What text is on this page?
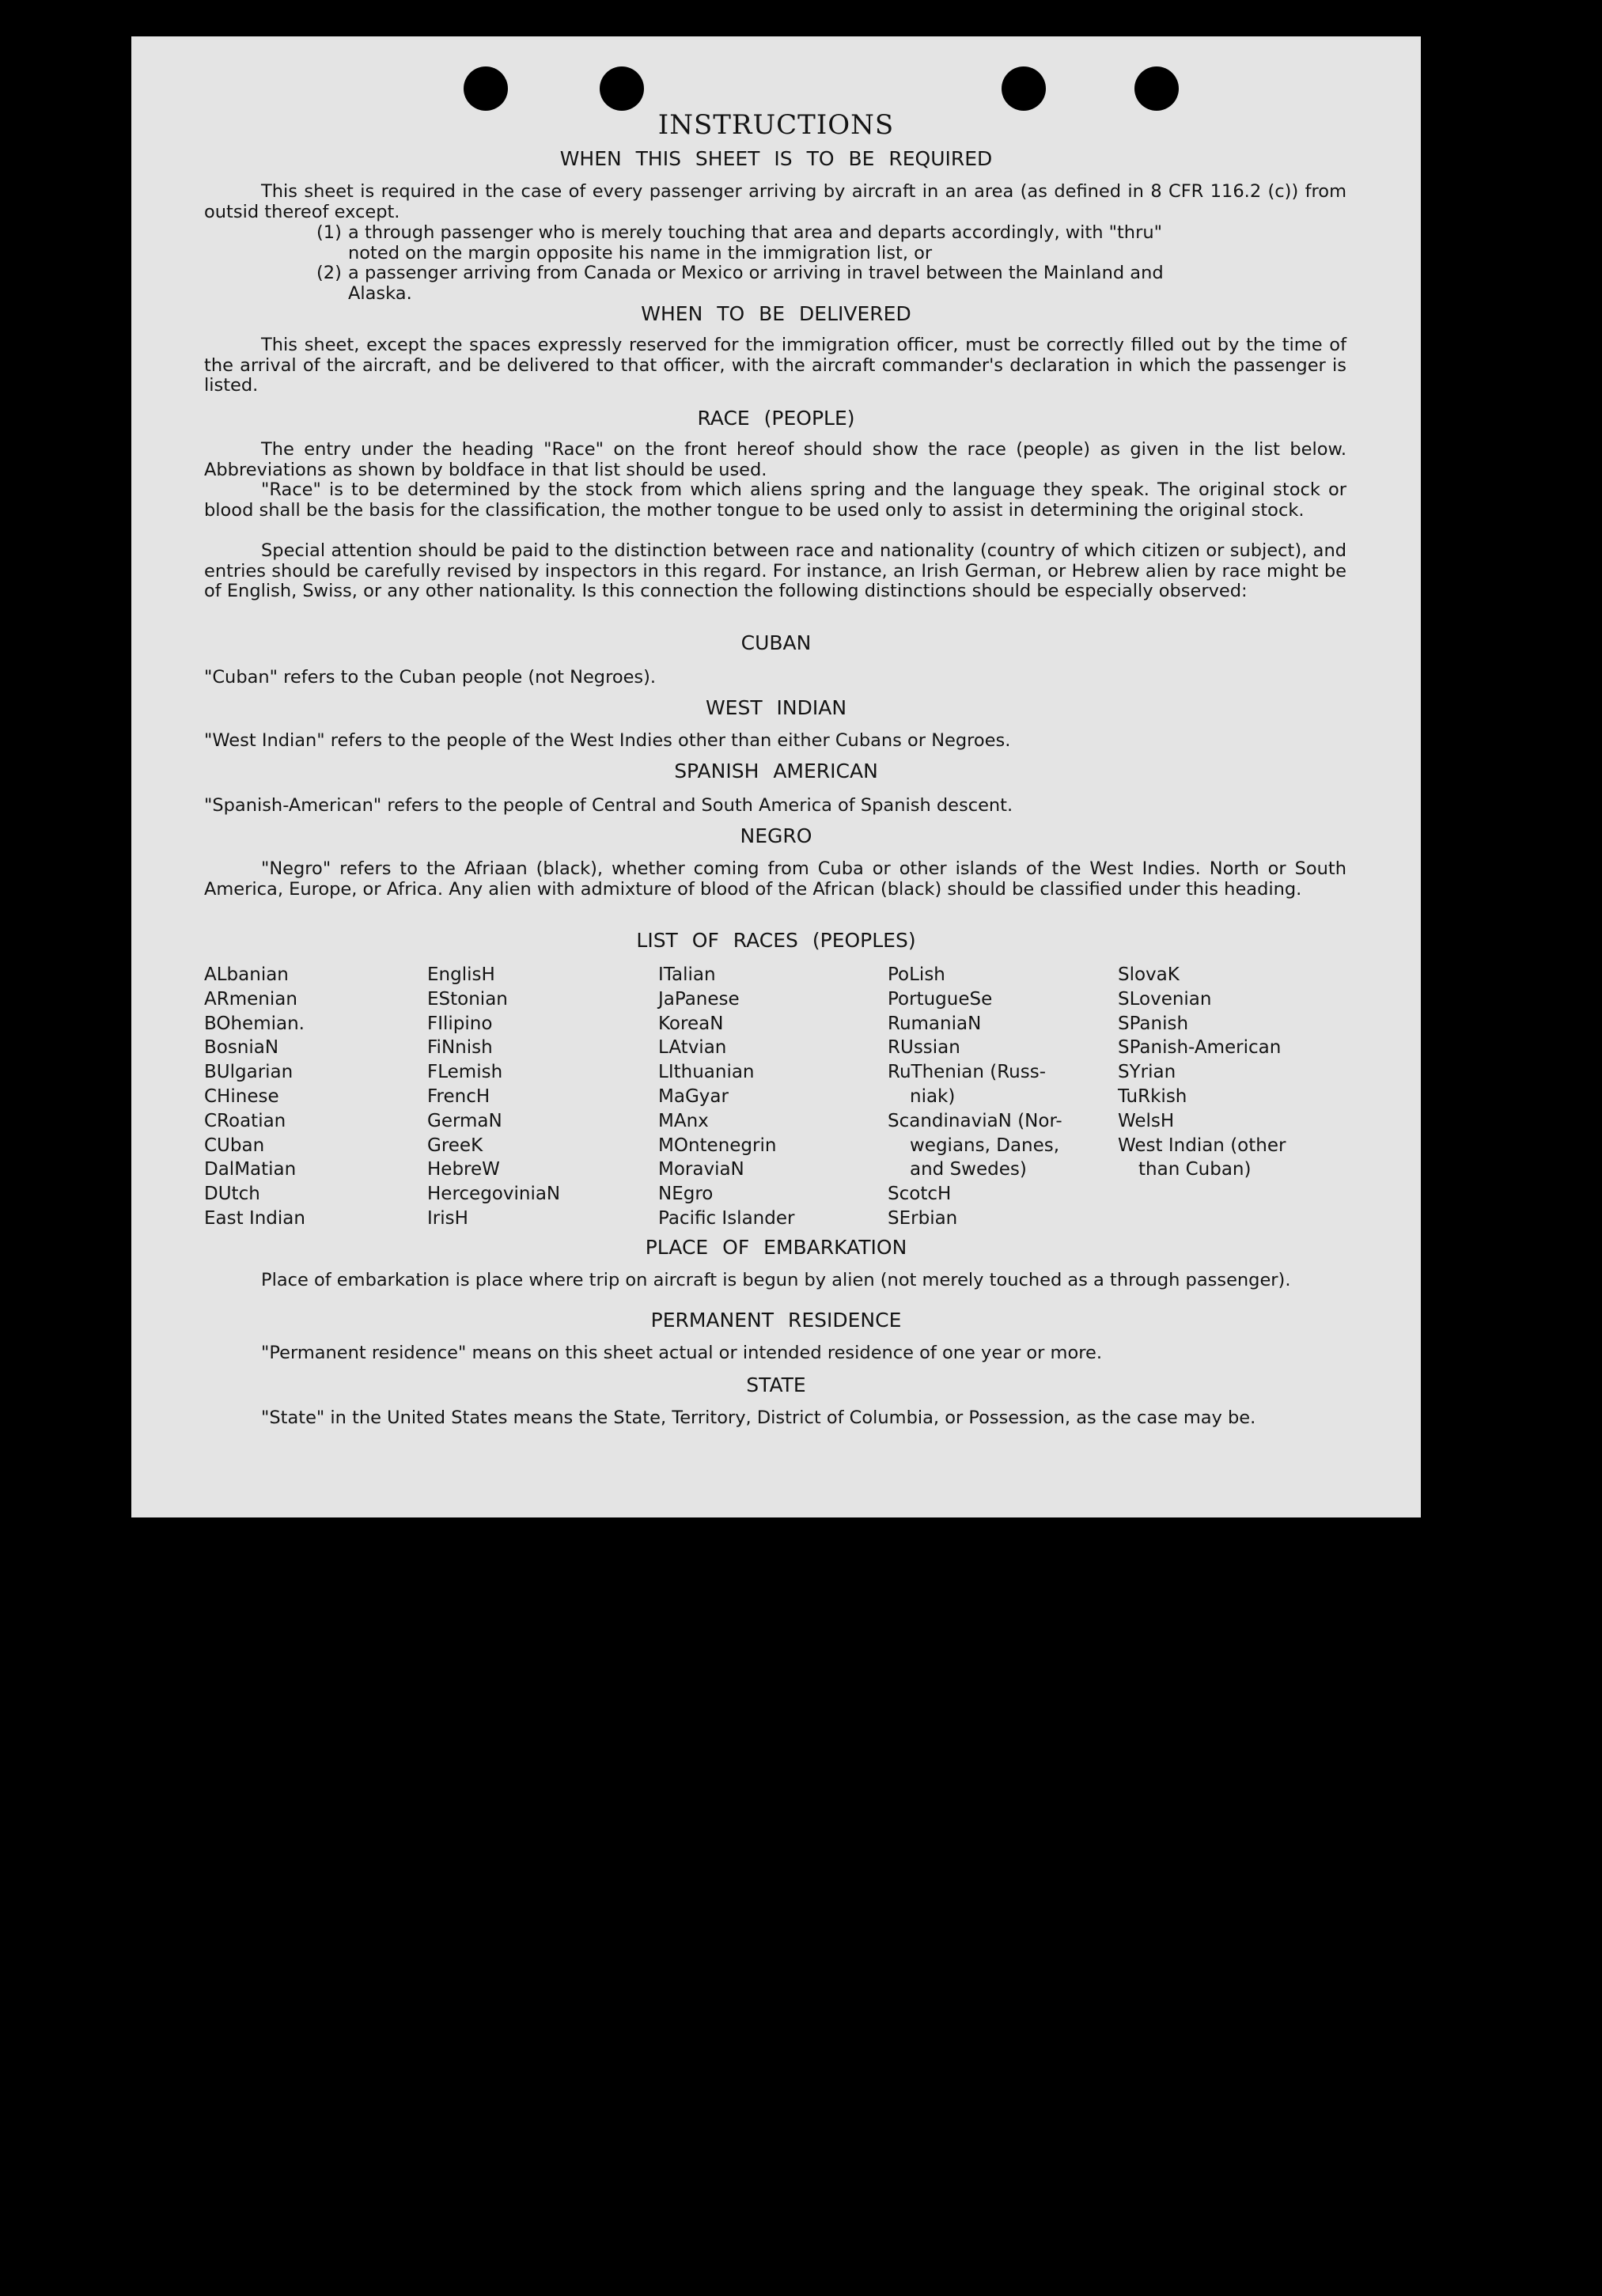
INSTRUCTIONS
WHEN THIS SHEET IS TO BE REQUIRED
This sheet is required in the case of every passenger arriving by aircraft in an area (as defined in 8 CFR 116.2 (c)) from outsid thereof except.
(1) a through passenger who is merely touching that area and departs accordingly, with "thru"
noted on the margin opposite his name in the immigration list, or
(2) a passenger arriving from Canada or Mexico or arriving in travel between the Mainland and
Alaska.
WHEN TO BE DELIVERED
This sheet, except the spaces expressly reserved for the immigration officer, must be correctly filled out by the time of the arrival of the aircraft, and be delivered to that officer, with the aircraft commander's declaration in which the passenger is listed.
RACE (PEOPLE)
The entry under the heading "Race" on the front hereof should show the race (people) as given in the list below. Abbreviations as shown by boldface in that list should be used.
"Race" is to be determined by the stock from which aliens spring and the language they speak. The original stock or blood shall be the basis for the classification, the mother tongue to be used only to assist in determining the original stock.
Special attention should be paid to the distinction between race and nationality (country of which citizen or subject), and entries should be carefully revised by inspectors in this regard. For instance, an Irish German, or Hebrew alien by race might be of English, Swiss, or any other nationality. Is this connection the following distinctions should be especially observed:
CUBAN
"Cuban" refers to the Cuban people (not Negroes).
WEST INDIAN
"West Indian" refers to the people of the West Indies other than either Cubans or Negroes.
SPANISH AMERICAN
"Spanish-American" refers to the people of Central and South America of Spanish descent.
NEGRO
"Negro" refers to the Afriaan (black), whether coming from Cuba or other islands of the West Indies. North or South America, Europe, or Africa. Any alien with admixture of blood of the African (black) should be classified under this heading.
LIST OF RACES (PEOPLES)
ALbanian
ARmenian
BOhemian.
BosniaN
BUlgarian
CHinese
CRoatian
CUban
DalMatian
DUtch
East Indian
EnglisH
EStonian
FIlipino
FiNnish
FLemish
FrencH
GermaN
GreeK
HebreW
HercegoviniaN
IrisH
ITalian
JaPanese
KoreaN
LAtvian
LIthuanian
MaGyar
MAnx
MOntenegrin
MoraviaN
NEgro
Pacific Islander
PoLish
PortugueSe
RumaniaN
RUssian
RuThenian (Russ-
niak)
ScandinaviaN (Nor-
wegians, Danes,
and Swedes)
ScotcH
SErbian
SlovaK
SLovenian
SPanish
SPanish-American
SYrian
TuRkish
WelsH
West Indian (other
than Cuban)
PLACE OF EMBARKATION
Place of embarkation is place where trip on aircraft is begun by alien (not merely touched as a through passenger).
PERMANENT RESIDENCE
"Permanent residence" means on this sheet actual or intended residence of one year or more.
STATE
"State" in the United States means the State, Territory, District of Columbia, or Possession, as the case may be.
